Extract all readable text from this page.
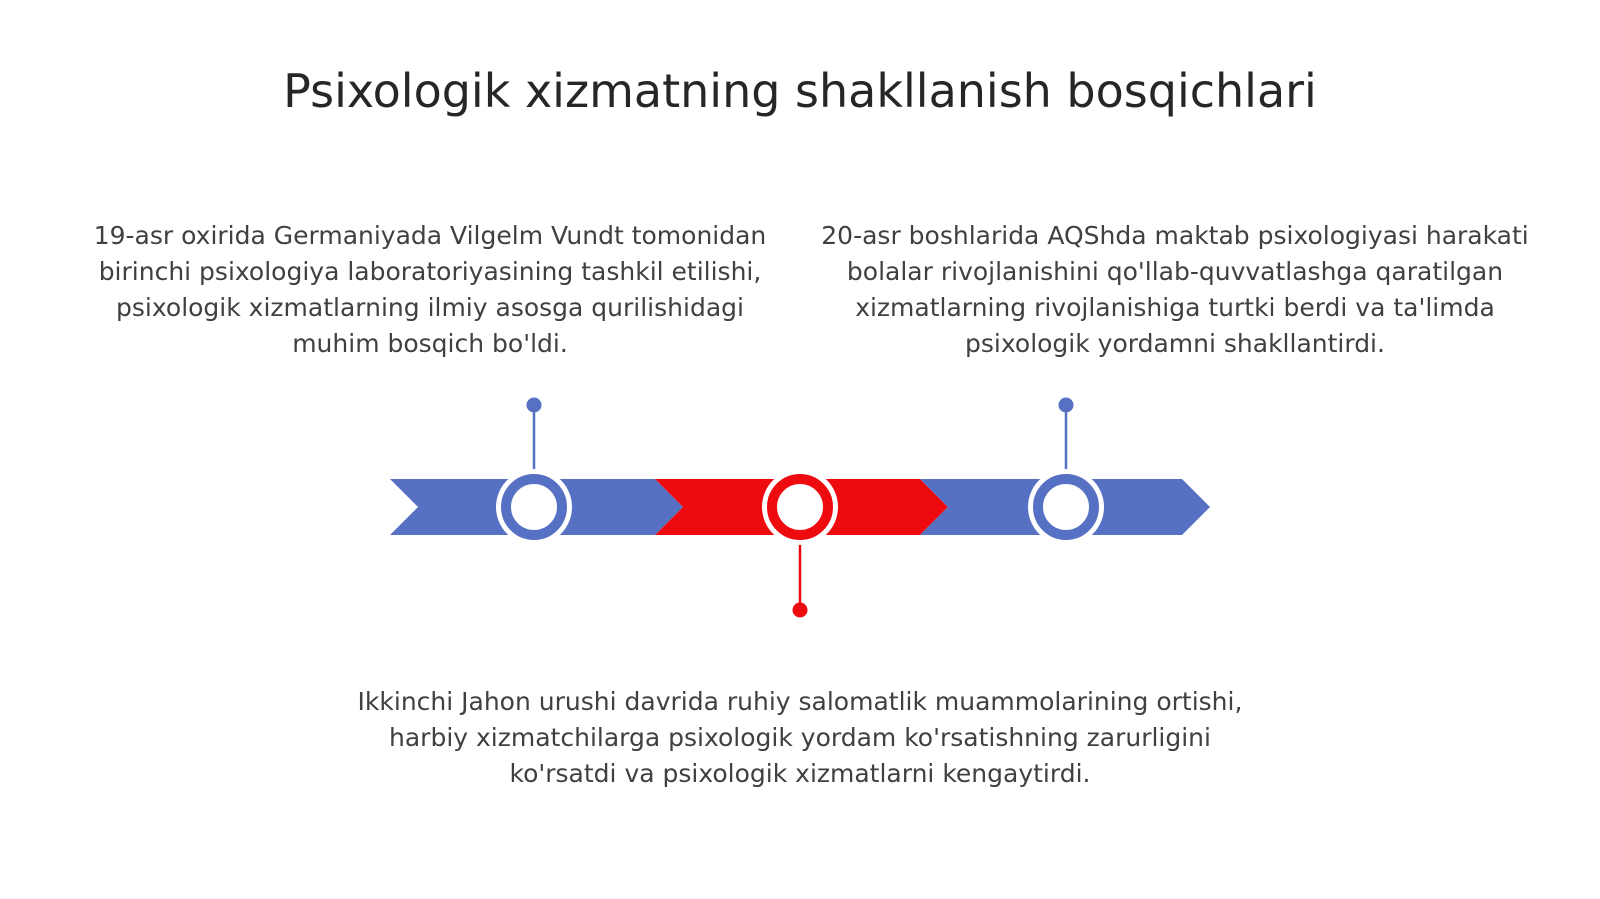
Psixologik xizmatning shakllanish bosqichlari

19-asr oxirida Germaniyada Vilgelm Vundt tomonidan birinchi psixologiya laboratoriyasining tashkil etilishi, psixologik xizmatlarning ilmiy asosga qurilishidagi muhim bosqich bo'ldi.

20-asr boshlarida AQShda maktab psixologiyasi harakati bolalar rivojlanishini qo'llab-quvvatlashga qaratilgan xizmatlarning rivojlanishiga turtki berdi va ta'limda psixologik yordamni shakllantirdi.

Ikkinchi Jahon urushi davrida ruhiy salomatlik muammolarining ortishi, harbiy xizmatchilarga psixologik yordam ko'rsatishning zarurligini ko'rsatdi va psixologik xizmatlarni kengaytirdi.
